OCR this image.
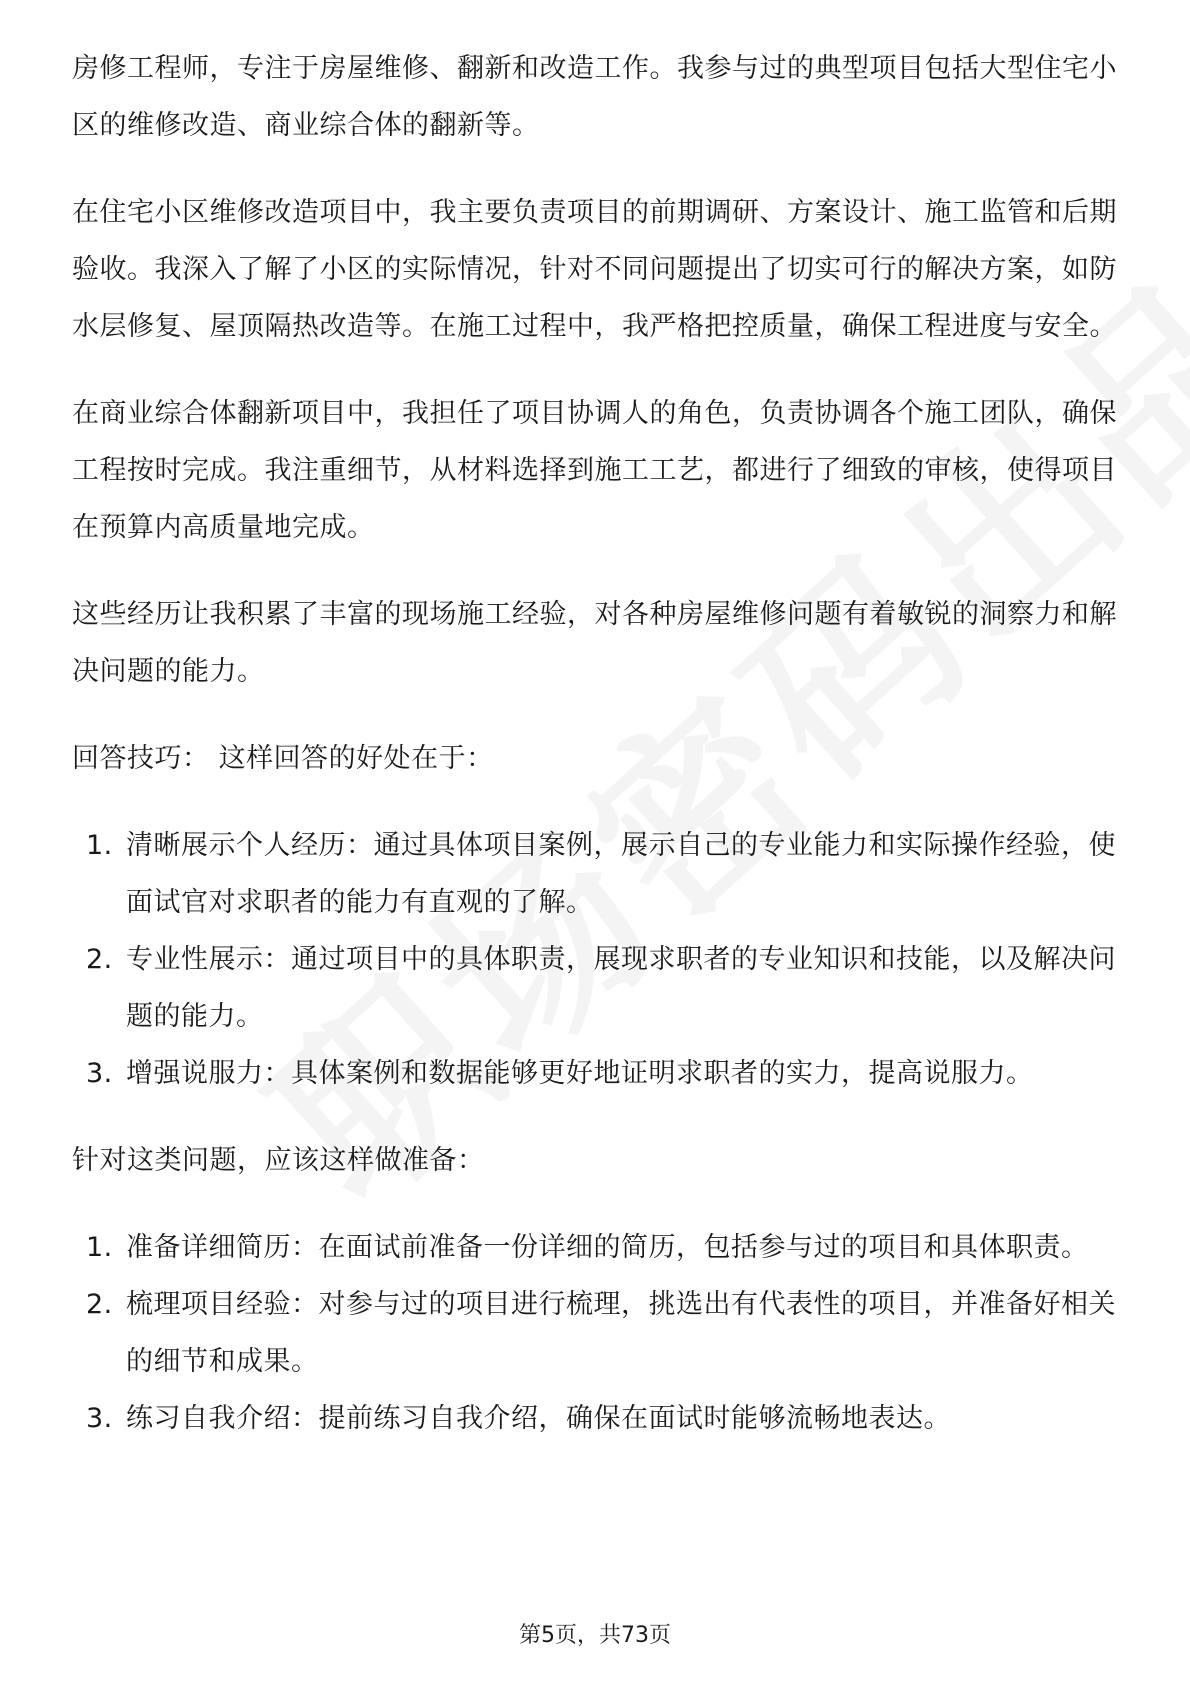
房修工程师，专注于房屋维修、翻新和改造工作。我参与过的典型项目包括大型住宅小区的维修改造、商业综合体的翻新等。

在住宅小区维修改造项目中，我主要负责项目的前期调研、方案设计、施工监管和后期验收。我深入了解了小区的实际情况，针对不同问题提出了切实可行的解决方案，如防水层修复、屋顶隔热改造等。在施工过程中，我严格把控质量，确保工程进度与安全。

在商业综合体翻新项目中，我担任了项目协调人的角色，负责协调各个施工团队，确保工程按时完成。我注重细节，从材料选择到施工工艺，都进行了细致的审核，使得项目在预算内高质量地完成。

这些经历让我积累了丰富的现场施工经验，对各种房屋维修问题有着敏锐的洞察力和解决问题的能力。

回答技巧： 这样回答的好处在于：

1. 清晰展示个人经历：通过具体项目案例，展示自己的专业能力和实际操作经验，使面试官对求职者的能力有直观的了解。
2. 专业性展示：通过项目中的具体职责，展现求职者的专业知识和技能，以及解决问题的能力。
3. 增强说服力：具体案例和数据能够更好地证明求职者的实力，提高说服力。

针对这类问题，应该这样做准备：

1. 准备详细简历：在面试前准备一份详细的简历，包括参与过的项目和具体职责。
2. 梳理项目经验：对参与过的项目进行梳理，挑选出有代表性的项目，并准备好相关的细节和成果。
3. 练习自我介绍：提前练习自我介绍，确保在面试时能够流畅地表达。
第5页，共73页
